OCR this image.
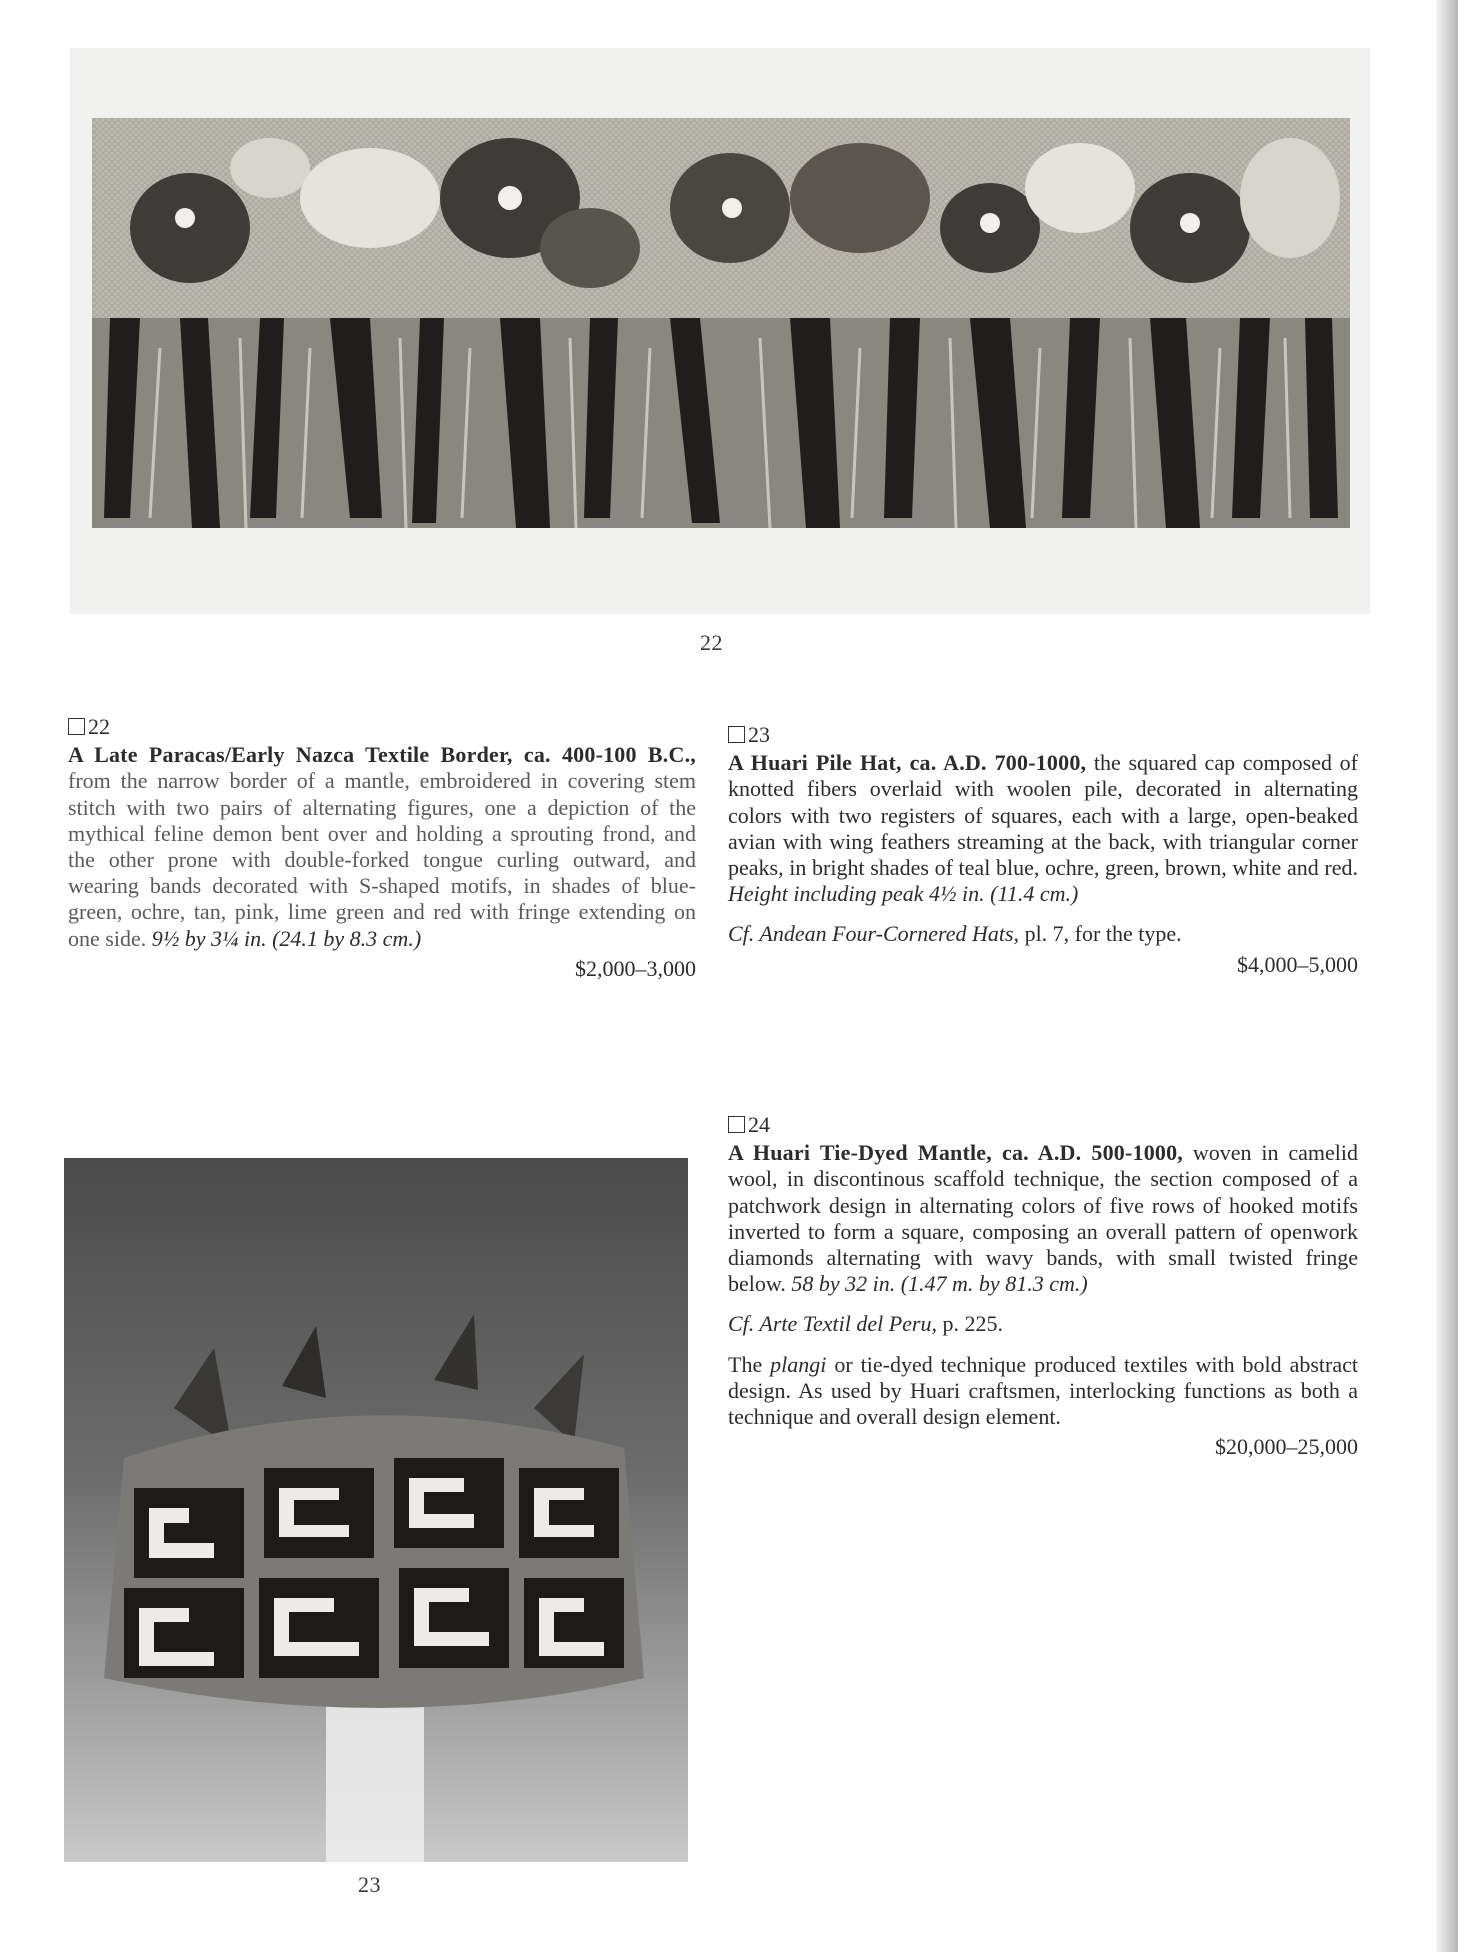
22
22
A Late Paracas/Early Nazca Textile Border, ca. 400-100 B.C., from the narrow border of a mantle, embroidered in covering stem stitch with two pairs of alternating figures, one a depiction of the mythical feline demon bent over and holding a sprouting frond, and the other prone with double-forked tongue curling outward, and wearing bands decorated with S-shaped motifs, in shades of blue-green, ochre, tan, pink, lime green and red with fringe extending on one side. 9½ by 3¼ in. (24.1 by 8.3 cm.)
$2,000–3,000
23
A Huari Pile Hat, ca. A.D. 700-1000, the squared cap composed of knotted fibers overlaid with woolen pile, decorated in alternating colors with two registers of squares, each with a large, open-beaked avian with wing feathers streaming at the back, with triangular corner peaks, in bright shades of teal blue, ochre, green, brown, white and red. Height including peak 4½ in. (11.4 cm.)
Cf. Andean Four-Cornered Hats, pl. 7, for the type.
$4,000–5,000
23
24
A Huari Tie-Dyed Mantle, ca. A.D. 500-1000, woven in camelid wool, in discontinous scaffold technique, the section composed of a patchwork design in alternating colors of five rows of hooked motifs inverted to form a square, composing an overall pattern of openwork diamonds alternating with wavy bands, with small twisted fringe below. 58 by 32 in. (1.47 m. by 81.3 cm.)
Cf. Arte Textil del Peru, p. 225.
The plangi or tie-dyed technique produced textiles with bold abstract design. As used by Huari craftsmen, interlocking functions as both a technique and overall design element.
$20,000–25,000
